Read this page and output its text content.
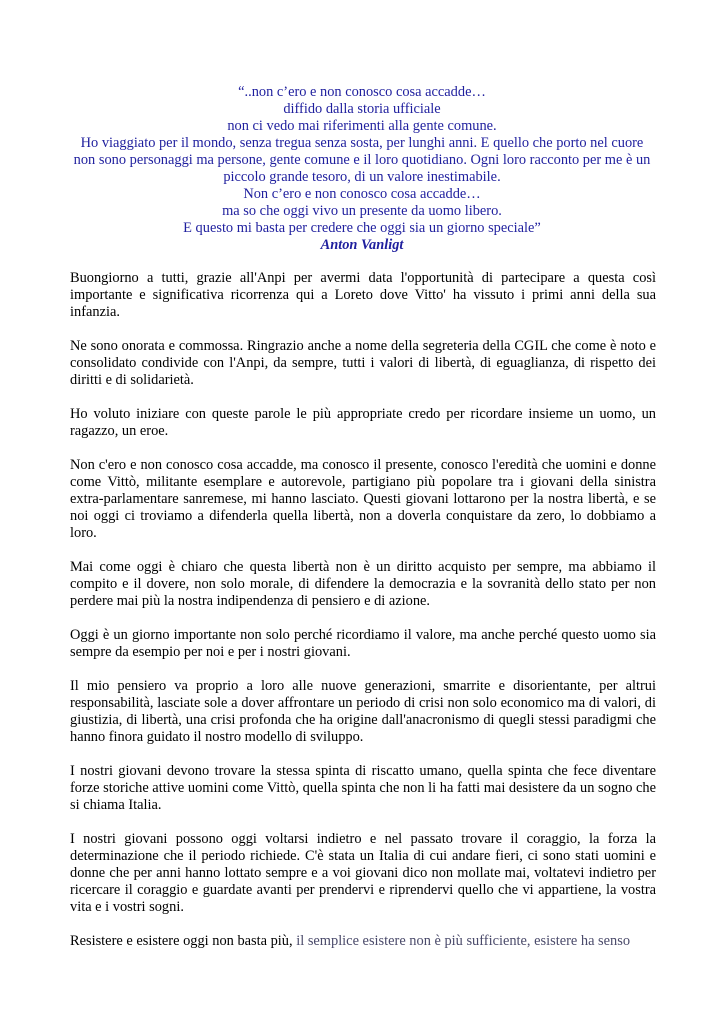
“..non c’ero e non conosco cosa accadde…
diffido dalla storia ufficiale
non ci vedo mai riferimenti alla gente comune.
Ho viaggiato per il mondo, senza tregua senza sosta, per lunghi anni. E quello che porto nel cuore
non sono personaggi ma persone, gente comune e il loro quotidiano. Ogni loro racconto per me è un
piccolo grande tesoro, di un valore inestimabile.
Non c’ero e non conosco cosa accadde…
ma so che oggi vivo un presente da uomo libero.
E questo mi basta per credere che oggi sia un giorno speciale”
Anton Vanligt

Buongiorno a tutti, grazie all'Anpi per avermi data l'opportunità di partecipare a questa così importante e significativa ricorrenza qui a Loreto dove Vitto' ha vissuto i primi anni della sua infanzia.

Ne sono onorata e commossa. Ringrazio anche a nome della segreteria della CGIL che come è noto e consolidato condivide con l'Anpi, da sempre, tutti i valori di libertà, di eguaglianza, di rispetto dei diritti e di solidarietà.

Ho voluto iniziare con queste parole le più appropriate credo per ricordare insieme un uomo, un ragazzo, un eroe.

Non c'ero e non conosco cosa accadde, ma conosco il presente, conosco l'eredità che uomini e donne come Vittò, militante esemplare e autorevole, partigiano più popolare tra i giovani della sinistra extra-parlamentare sanremese, mi hanno lasciato. Questi giovani lottarono per la nostra libertà, e se noi oggi ci troviamo a difenderla quella libertà, non a doverla conquistare da zero, lo dobbiamo a loro.

Mai come oggi è chiaro che questa libertà non è un diritto acquisto per sempre, ma abbiamo il compito e il dovere, non solo morale, di difendere la democrazia e la sovranità dello stato per non perdere mai più la nostra indipendenza di pensiero e di azione.

Oggi è un giorno importante non solo perché ricordiamo il valore, ma anche perché questo uomo sia sempre da esempio per noi e per i nostri giovani.

Il mio pensiero va proprio a loro alle nuove generazioni, smarrite e disorientante, per altrui responsabilità, lasciate sole a dover affrontare un periodo di crisi non solo economico ma di valori, di giustizia, di libertà, una crisi profonda che ha origine dall'anacronismo di quegli stessi paradigmi che hanno finora guidato il nostro modello di sviluppo.

I nostri giovani devono trovare la stessa spinta di riscatto umano, quella spinta che fece diventare forze storiche attive uomini come Vittò, quella spinta che non li ha fatti mai desistere da un sogno che si chiama Italia.

I nostri giovani possono oggi voltarsi indietro e nel passato trovare il coraggio, la forza la determinazione che il periodo richiede. C'è stata un Italia di cui andare fieri, ci sono stati uomini e donne che per anni hanno lottato sempre e a voi giovani dico non mollate mai, voltatevi indietro per ricercare il coraggio e guardate avanti per prendervi e riprendervi quello che vi appartiene, la vostra vita e i vostri sogni.

Resistere e esistere oggi non basta più, il semplice esistere non è più sufficiente, esistere ha senso
